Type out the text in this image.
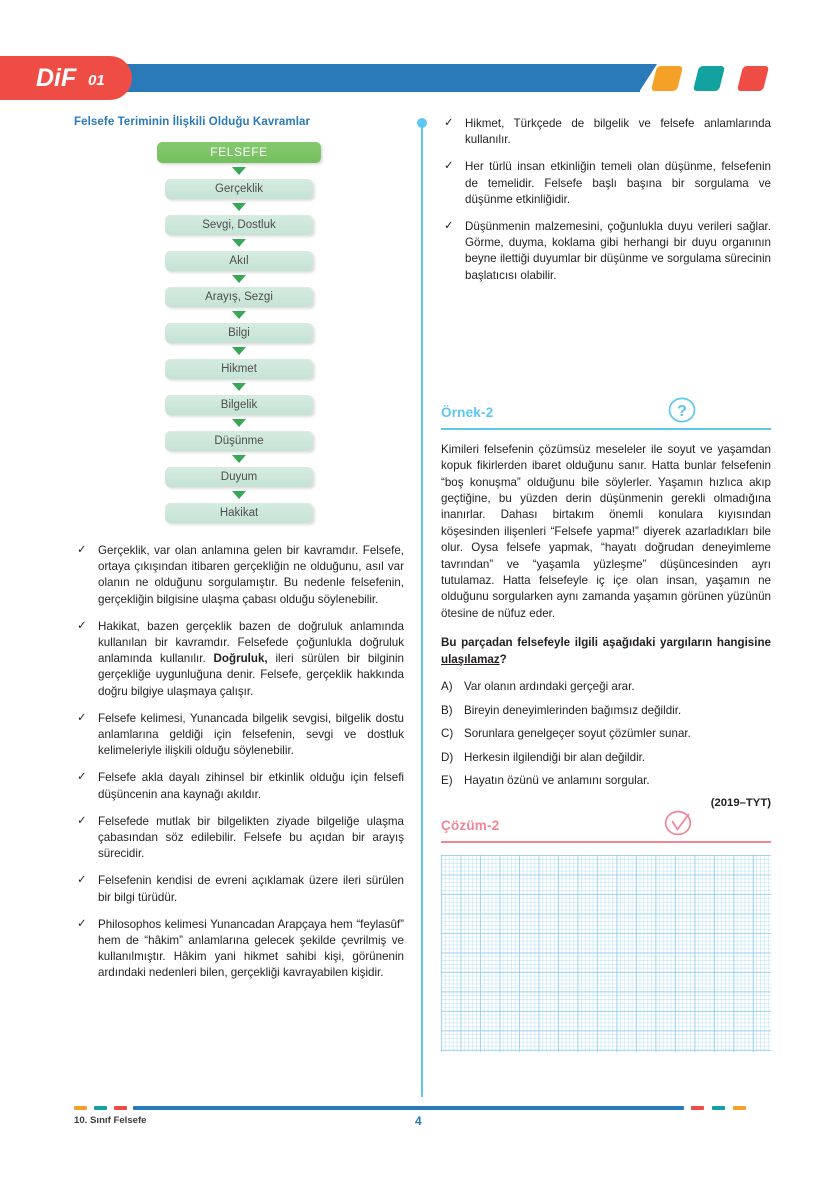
DiF 01
Felsefe Teriminin İlişkili Olduğu Kavramlar
FELSEFE
Gerçeklik
Sevgi, Dostluk
Akıl
Arayış, Sezgi
Bilgi
Hikmet
Bilgelik
Düşünme
Duyum
Hakikat
✓ Gerçeklik, var olan anlamına gelen bir kavramdır. Felsefe, ortaya çıkışından itibaren gerçekliğin ne olduğunu, asıl var olanın ne olduğunu sorgulamıştır. Bu nedenle felsefenin, gerçekliğin bilgisine ulaşma çabası olduğu söylenebilir.
✓ Hakikat, bazen gerçeklik bazen de doğruluk anlamında kullanılan bir kavramdır. Felsefede çoğunlukla doğruluk anlamında kullanılır. Doğruluk, ileri sürülen bir bilginin gerçekliğe uygunluğuna denir. Felsefe, gerçeklik hakkında doğru bilgiye ulaşmaya çalışır.
✓ Felsefe kelimesi, Yunancada bilgelik sevgisi, bilgelik dostu anlamlarına geldiği için felsefenin, sevgi ve dostluk kelimeleriyle ilişkili olduğu söylenebilir.
✓ Felsefe akla dayalı zihinsel bir etkinlik olduğu için felsefi düşüncenin ana kaynağı akıldır.
✓ Felsefede mutlak bir bilgelikten ziyade bilgeliğe ulaşma çabasından söz edilebilir. Felsefe bu açıdan bir arayış sürecidir.
✓ Felsefenin kendisi de evreni açıklamak üzere ileri sürülen bir bilgi türüdür.
✓ Philosophos kelimesi Yunancadan Arapçaya hem “feylasûf” hem de “hâkim” anlamlarına gelecek şekilde çevrilmiş ve kullanılmıştır. Hâkim yani hikmet sahibi kişi, görünenin ardındaki nedenleri bilen, gerçekliği kavrayabilen kişidir.
✓ Hikmet, Türkçede de bilgelik ve felsefe anlamlarında kullanılır.
✓ Her türlü insan etkinliğin temeli olan düşünme, felsefenin de temelidir. Felsefe başlı başına bir sorgulama ve düşünme etkinliğidir.
✓ Düşünmenin malzemesini, çoğunlukla duyu verileri sağlar. Görme, duyma, koklama gibi herhangi bir duyu organının beyne ilettiği duyumlar bir düşünme ve sorgulama sürecinin başlatıcısı olabilir.
Örnek-2	?

Kimileri felsefenin çözümsüz meseleler ile soyut ve yaşamdan kopuk fikirlerden ibaret olduğunu sanır. Hatta bunlar felsefenin “boş konuşma” olduğunu bile söylerler. Yaşamın hızlıca akıp geçtiğine, bu yüzden derin düşünmenin gerekli olmadığına inanırlar. Dahası birtakım önemli konulara kıyısından köşesinden ilişenleri “Felsefe yapma!” diyerek azarladıkları bile olur. Oysa felsefe yapmak, “hayatı doğrudan deneyimleme tavrından” ve “yaşamla yüzleşme” düşüncesinden ayrı tutulamaz. Hatta felsefeyle iç içe olan insan, yaşamın ne olduğunu sorgularken aynı zamanda yaşamın görünen yüzünün ötesine de nüfuz eder.

Bu parçadan felsefeyle ilgili aşağıdaki yargıların hangisine ulaşılamaz?

A) Var olanın ardındaki gerçeği arar.
B) Bireyin deneyimlerinden bağımsız değildir.
C) Sorunlara genelgeçer soyut çözümler sunar.
D) Herkesin ilgilendiği bir alan değildir.
E) Hayatın özünü ve anlamını sorgular.
(2019–TYT)
Çözüm-2
10. Sınıf Felsefe	4
